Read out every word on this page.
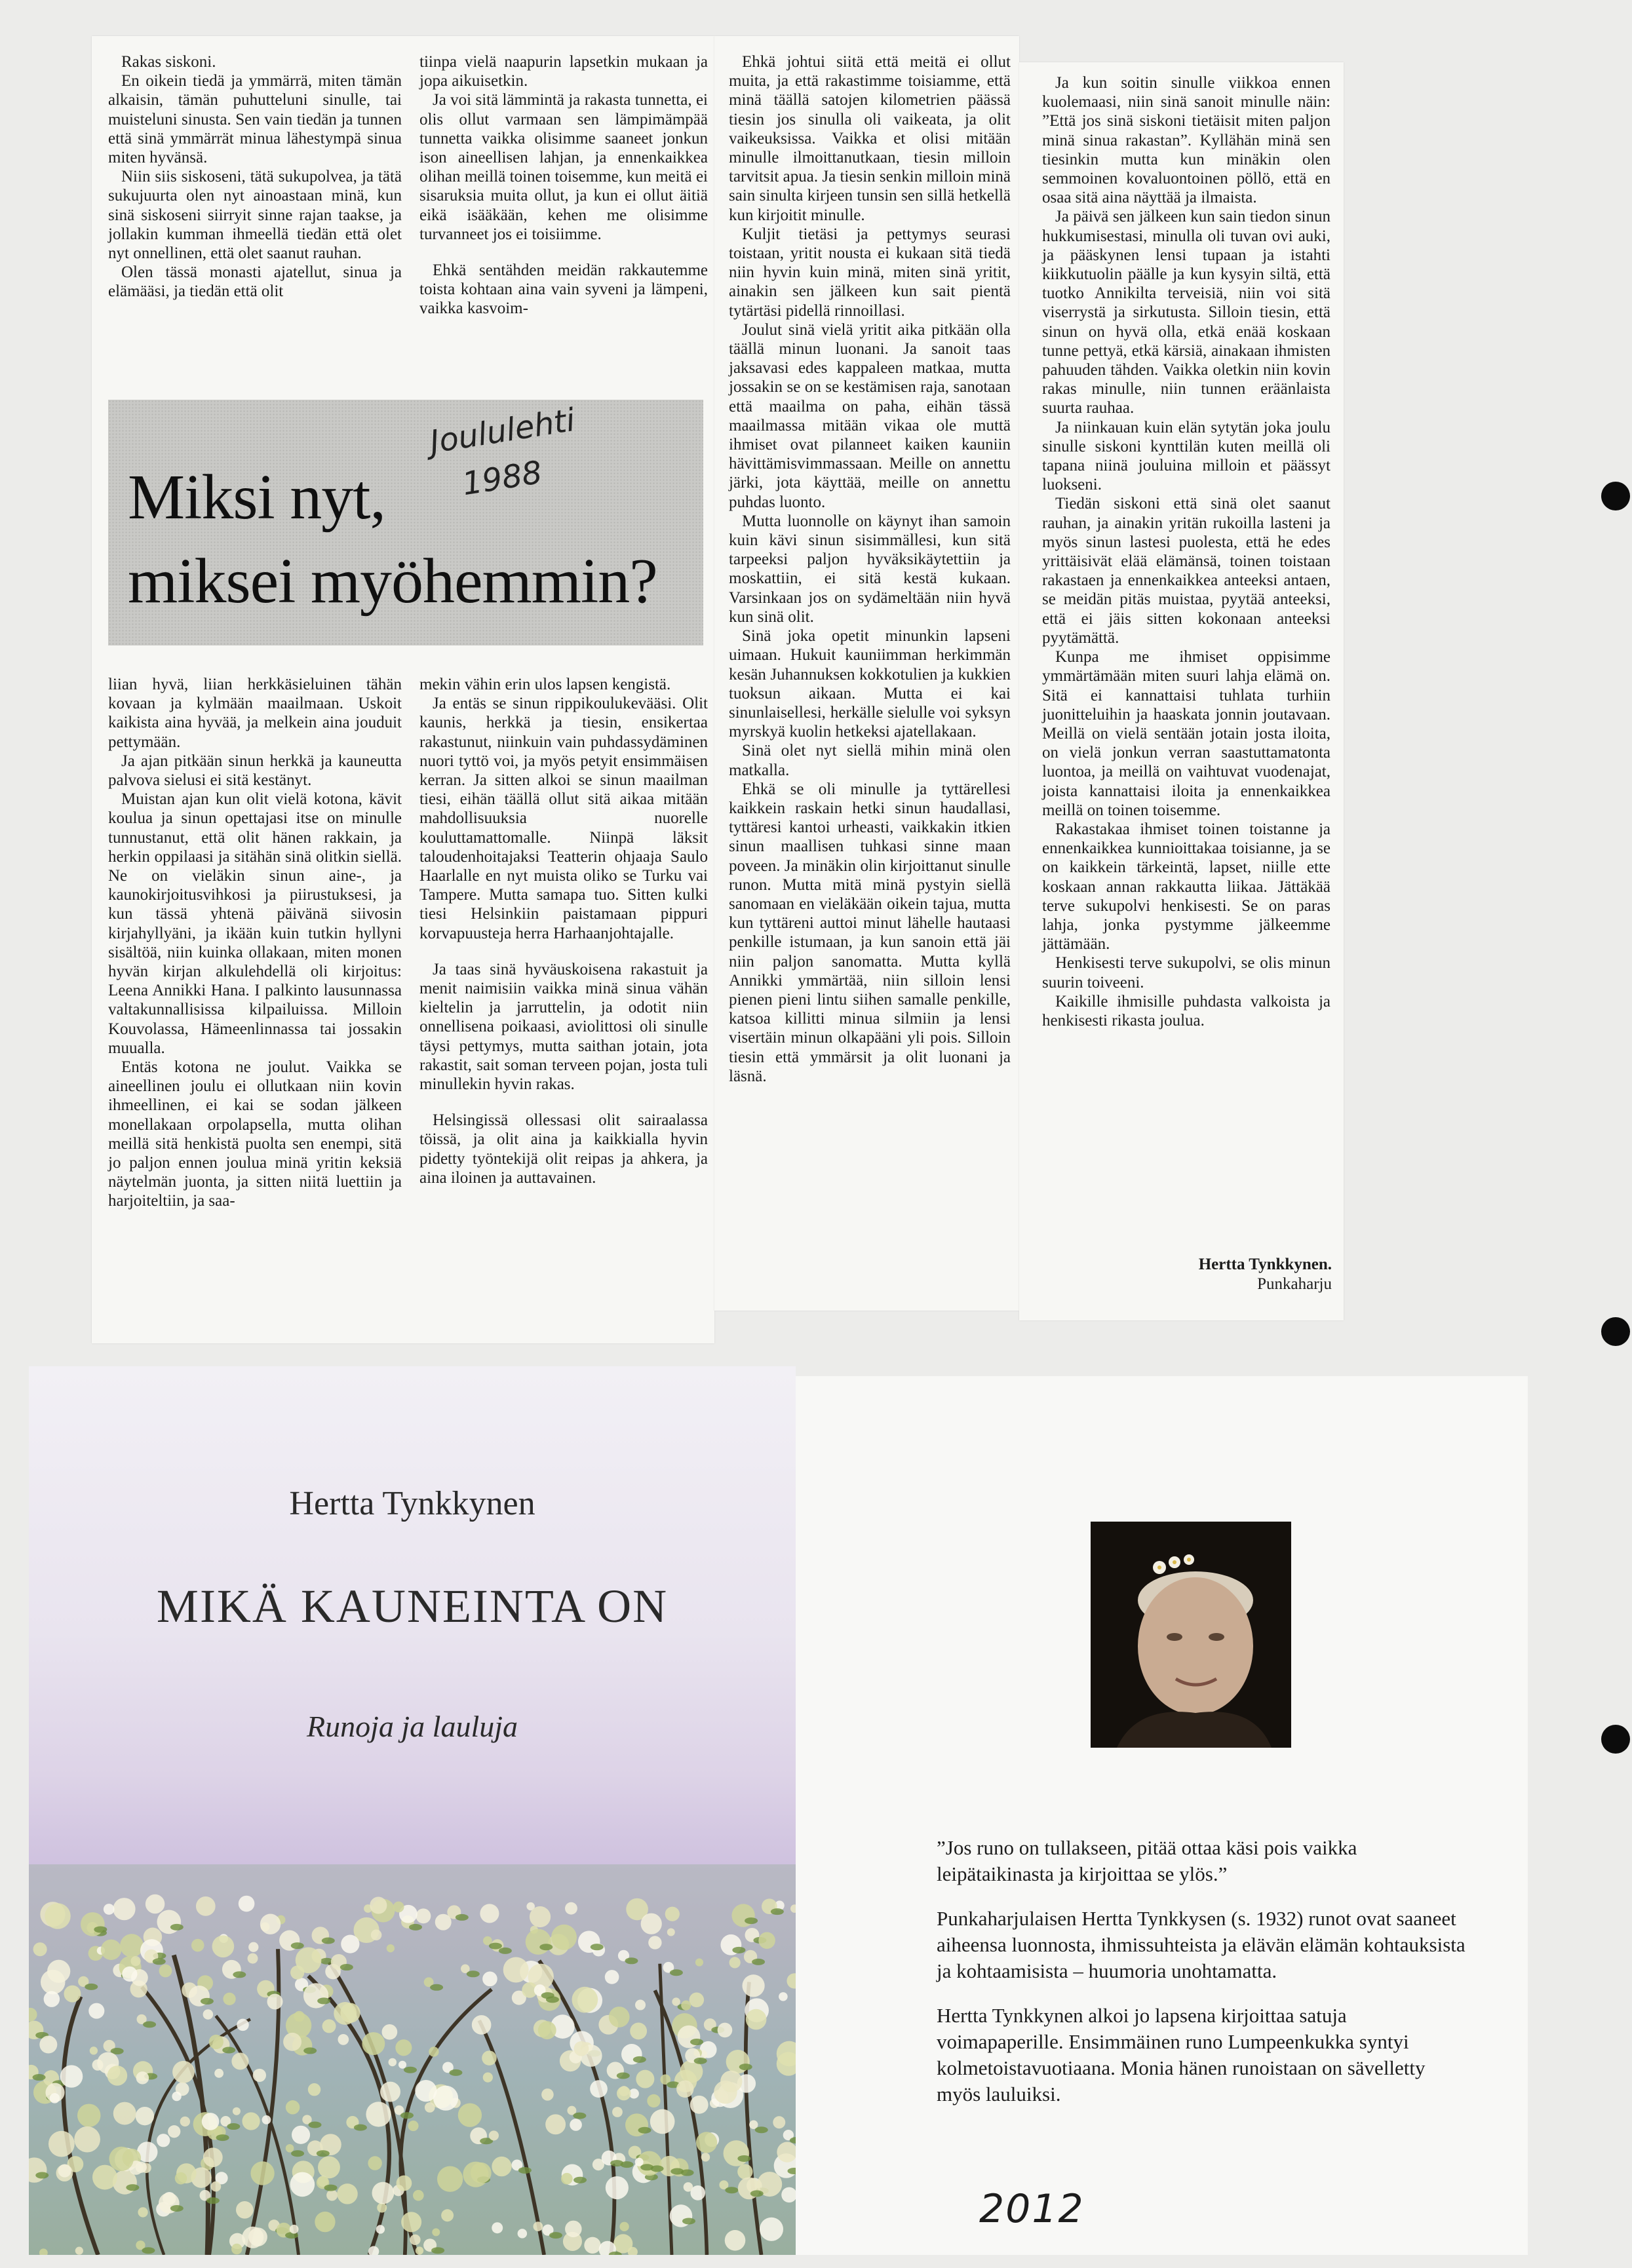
Rakas siskoni.

En oikein tiedä ja ymmärrä, miten tämän alkaisin, tämän puhutteluni sinulle, tai muisteluni sinusta. Sen vain tiedän ja tunnen että sinä ymmärrät minua lähestympä sinua miten hyvänsä.

Niin siis siskoseni, tätä sukupolvea, ja tätä sukujuurta olen nyt ainoastaan minä, kun sinä siskoseni siirryit sinne rajan taakse, ja jollakin kumman ihmeellä tiedän että olet nyt onnellinen, että olet saanut rauhan.

Olen tässä monasti ajatellut, sinua ja elämääsi, ja tiedän että olit

tiinpa vielä naapurin lapsetkin mukaan ja jopa aikuisetkin.

Ja voi sitä lämmintä ja rakasta tunnetta, ei olis ollut varmaan sen lämpimämpää tunnetta vaikka olisimme saaneet jonkun ison aineellisen lahjan, ja ennenkaikkea olihan meillä toinen toisemme, kun meitä ei sisaruksia muita ollut, ja kun ei ollut äitiä eikä isääkään, kehen me olisimme turvanneet jos ei toisiimme.

Ehkä sentähden meidän rakkautemme toista kohtaan aina vain syveni ja lämpeni, vaikka kasvoim-

Miksi nyt,
miksei myöhemmin?
Joululehti
1988

liian hyvä, liian herkkäsieluinen tähän kovaan ja kylmään maailmaan. Uskoit kaikista aina hyvää, ja melkein aina jouduit pettymään.

Ja ajan pitkään sinun herkkä ja kauneutta palvova sielusi ei sitä kestänyt.

Muistan ajan kun olit vielä kotona, kävit koulua ja sinun opettajasi itse on minulle tunnustanut, että olit hänen rakkain, ja herkin oppilaasi ja sitähän sinä olitkin siellä. Ne on vieläkin sinun aine-, ja kaunokirjoitusvihkosi ja piirustuksesi, ja kun tässä yhtenä päivänä siivosin kirjahyllyäni, ja ikään kuin tutkin hyllyni sisältöä, niin kuinka ollakaan, miten monen hyvän kirjan alkulehdellä oli kirjoitus: Leena Annikki Hana. I palkinto lausunnassa valtakunnallisissa kilpailuissa. Milloin Kouvolassa, Hämeenlinnassa tai jossakin muualla.

Entäs kotona ne joulut. Vaikka se aineellinen joulu ei ollutkaan niin kovin ihmeellinen, ei kai se sodan jälkeen monellakaan orpolapsella, mutta olihan meillä sitä henkistä puolta sen enempi, sitä jo paljon ennen joulua minä yritin keksiä näytelmän juonta, ja sitten niitä luettiin ja harjoiteltiin, ja saa-

mekin vähin erin ulos lapsen kengistä.

Ja entäs se sinun rippikoulukevääsi. Olit kaunis, herkkä ja tiesin, ensikertaa rakastunut, niinkuin vain puhdassydäminen nuori tyttö voi, ja myös petyit ensimmäisen kerran. Ja sitten alkoi se sinun maailman tiesi, eihän täällä ollut sitä aikaa mitään mahdollisuuksia nuorelle kouluttamattomalle. Niinpä läksit taloudenhoitajaksi Teatterin ohjaaja Saulo Haarlalle en nyt muista oliko se Turku vai Tampere. Mutta samapa tuo. Sitten kulki tiesi Helsinkiin paistamaan pippuri korvapuusteja herra Harhaanjohtajalle.

Ja taas sinä hyväuskoisena rakastuit ja menit naimisiin vaikka minä sinua vähän kieltelin ja jarruttelin, ja odotit niin onnellisena poikaasi, aviolittosi oli sinulle täysi pettymys, mutta saithan jotain, jota rakastit, sait soman terveen pojan, josta tuli minullekin hyvin rakas.

Helsingissä ollessasi olit sairaalassa töissä, ja olit aina ja kaikkialla hyvin pidetty työntekijä olit reipas ja ahkera, ja aina iloinen ja auttavainen.

Ehkä johtui siitä että meitä ei ollut muita, ja että rakastimme toisiamme, että minä täällä satojen kilometrien päässä tiesin jos sinulla oli vaikeata, ja olit vaikeuksissa. Vaikka et olisi mitään minulle ilmoittanutkaan, tiesin milloin tarvitsit apua. Ja tiesin senkin milloin minä sain sinulta kirjeen tunsin sen sillä hetkellä kun kirjoitit minulle.

Kuljit tietäsi ja pettymys seurasi toistaan, yritit nousta ei kukaan sitä tiedä niin hyvin kuin minä, miten sinä yritit, ainakin sen jälkeen kun sait pientä tytärtäsi pidellä rinnoillasi.

Joulut sinä vielä yritit aika pitkään olla täällä minun luonani. Ja sanoit taas jaksavasi edes kappaleen matkaa, mutta jossakin se on se kestämisen raja, sanotaan että maailma on paha, eihän tässä maailmassa mitään vikaa ole muttä ihmiset ovat pilanneet kaiken kauniin hävittämisvimmassaan. Meille on annettu järki, jota käyttää, meille on annettu puhdas luonto.

Mutta luonnolle on käynyt ihan samoin kuin kävi sinun sisimmällesi, kun sitä tarpeeksi paljon hyväksikäytettiin ja moskattiin, ei sitä kestä kukaan. Varsinkaan jos on sydämeltään niin hyvä kun sinä olit.

Sinä joka opetit minunkin lapseni uimaan. Hukuit kauniimman herkimmän kesän Juhannuksen kokkotulien ja kukkien tuoksun aikaan. Mutta ei kai sinunlaisellesi, herkälle sielulle voi syksyn myrskyä kuolin hetkeksi ajatellakaan.

Sinä olet nyt siellä mihin minä olen matkalla.

Ehkä se oli minulle ja tyttärellesi kaikkein raskain hetki sinun haudallasi, tyttäresi kantoi urheasti, vaikkakin itkien sinun maallisen tuhkasi sinne maan poveen. Ja minäkin olin kirjoittanut sinulle runon. Mutta mitä minä pystyin siellä sanomaan en vieläkään oikein tajua, mutta kun tyttäreni auttoi minut lähelle hautaasi penkille istumaan, ja kun sanoin että jäi niin paljon sanomatta. Mutta kyllä Annikki ymmärtää, niin silloin lensi pienen pieni lintu siihen samalle penkille, katsoa killitti minua silmiin ja lensi visertäin minun olkapääni yli pois. Silloin tiesin että ymmärsit ja olit luonani ja läsnä.

Ja kun soitin sinulle viikkoa ennen kuolemaasi, niin sinä sanoit minulle näin: ”Että jos sinä siskoni tietäisit miten paljon minä sinua rakastan”. Kyllähän minä sen tiesinkin mutta kun minäkin olen semmoinen kovaluontoinen pöllö, että en osaa sitä aina näyttää ja ilmaista.

Ja päivä sen jälkeen kun sain tiedon sinun hukkumisestasi, minulla oli tuvan ovi auki, ja pääskynen lensi tupaan ja istahti kiikkutuolin päälle ja kun kysyin siltä, että tuotko Annikilta terveisiä, niin voi sitä viserrystä ja sirkutusta. Silloin tiesin, että sinun on hyvä olla, etkä enää koskaan tunne pettyä, etkä kärsiä, ainakaan ihmisten pahuuden tähden. Vaikka oletkin niin kovin rakas minulle, niin tunnen eräänlaista suurta rauhaa.

Ja niinkauan kuin elän sytytän joka joulu sinulle siskoni kynttilän kuten meillä oli tapana niinä jouluina milloin et päässyt luokseni.

Tiedän siskoni että sinä olet saanut rauhan, ja ainakin yritän rukoilla lasteni ja myös sinun lastesi puolesta, että he edes yrittäisivät elää elämänsä, toinen toistaan rakastaen ja ennenkaikkea anteeksi antaen, se meidän pitäs muistaa, pyytää anteeksi, että ei jäis sitten kokonaan anteeksi pyytämättä.

Kunpa me ihmiset oppisimme ymmärtämään miten suuri lahja elämä on. Sitä ei kannattaisi tuhlata turhiin juonitteluihin ja haaskata jonnin joutavaan. Meillä on vielä sentään jotain josta iloita, on vielä jonkun verran saastuttamatonta luontoa, ja meillä on vaihtuvat vuodenajat, joista kannattaisi iloita ja ennenkaikkea meillä on toinen toisemme.

Rakastakaa ihmiset toinen toistanne ja ennenkaikkea kunnioittakaa toisianne, ja se on kaikkein tärkeintä, lapset, niille ette koskaan annan rakkautta liikaa. Jättäkää terve sukupolvi henkisesti. Se on paras lahja, jonka pystymme jälkeemme jättämään.

Henkisesti terve sukupolvi, se olis minun suurin toiveeni.

Kaikille ihmisille puhdasta valkoista ja henkisesti rikasta joulua.

Hertta Tynkkynen.
Punkaharju
Hertta Tynkkynen
MIKÄ KAUNEINTA ON
Runoja ja lauluja

”Jos runo on tullakseen, pitää ottaa käsi pois vaikka leipätaikinasta ja kirjoittaa se ylös.”

Punkaharjulaisen Hertta Tynkkysen (s. 1932) runot ovat saaneet aiheensa luonnosta, ihmissuhteista ja elävän elämän kohtauksista ja kohtaamisista – huumoria unohtamatta.

Hertta Tynkkynen alkoi jo lapsena kirjoittaa satuja voimapaperille. Ensimmäinen runo Lumpeenkukka syntyi kolmetoistavuotiaana. Monia hänen runoistaan on sävelletty myös lauluiksi.

2012
